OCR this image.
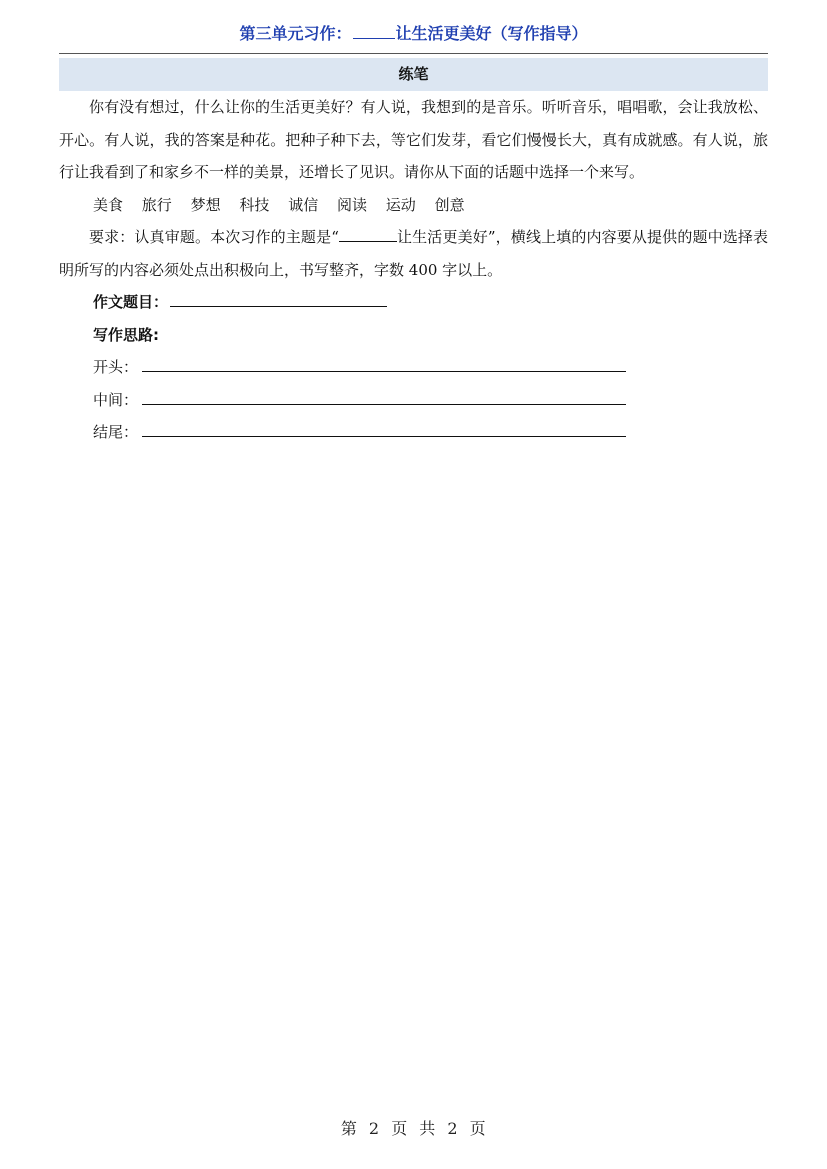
第三单元习作：	让生活更美好（写作指导）
练笔

你有没有想过，什么让你的生活更美好？有人说，我想到的是音乐。听听音乐，唱唱歌，会让我放松、开心。有人说，我的答案是种花。把种子种下去，等它们发芽，看它们慢慢长大，真有成就感。有人说，旅行让我看到了和家乡不一样的美景，还增长了见识。请你从下面的话题中选择一个来写。

美食 旅行 梦想 科技 诚信 阅读 运动 创意

要求：认真审题。本次习作的主题是“	让生活更美好”，横线上填的内容要从提供的题中选择表明所写的内容必须处点出积极向上，书写整齐，字数 400 字以上。

作文题目：

写作思路:

开头：

中间：

结尾：

第 2 页 共 2 页
